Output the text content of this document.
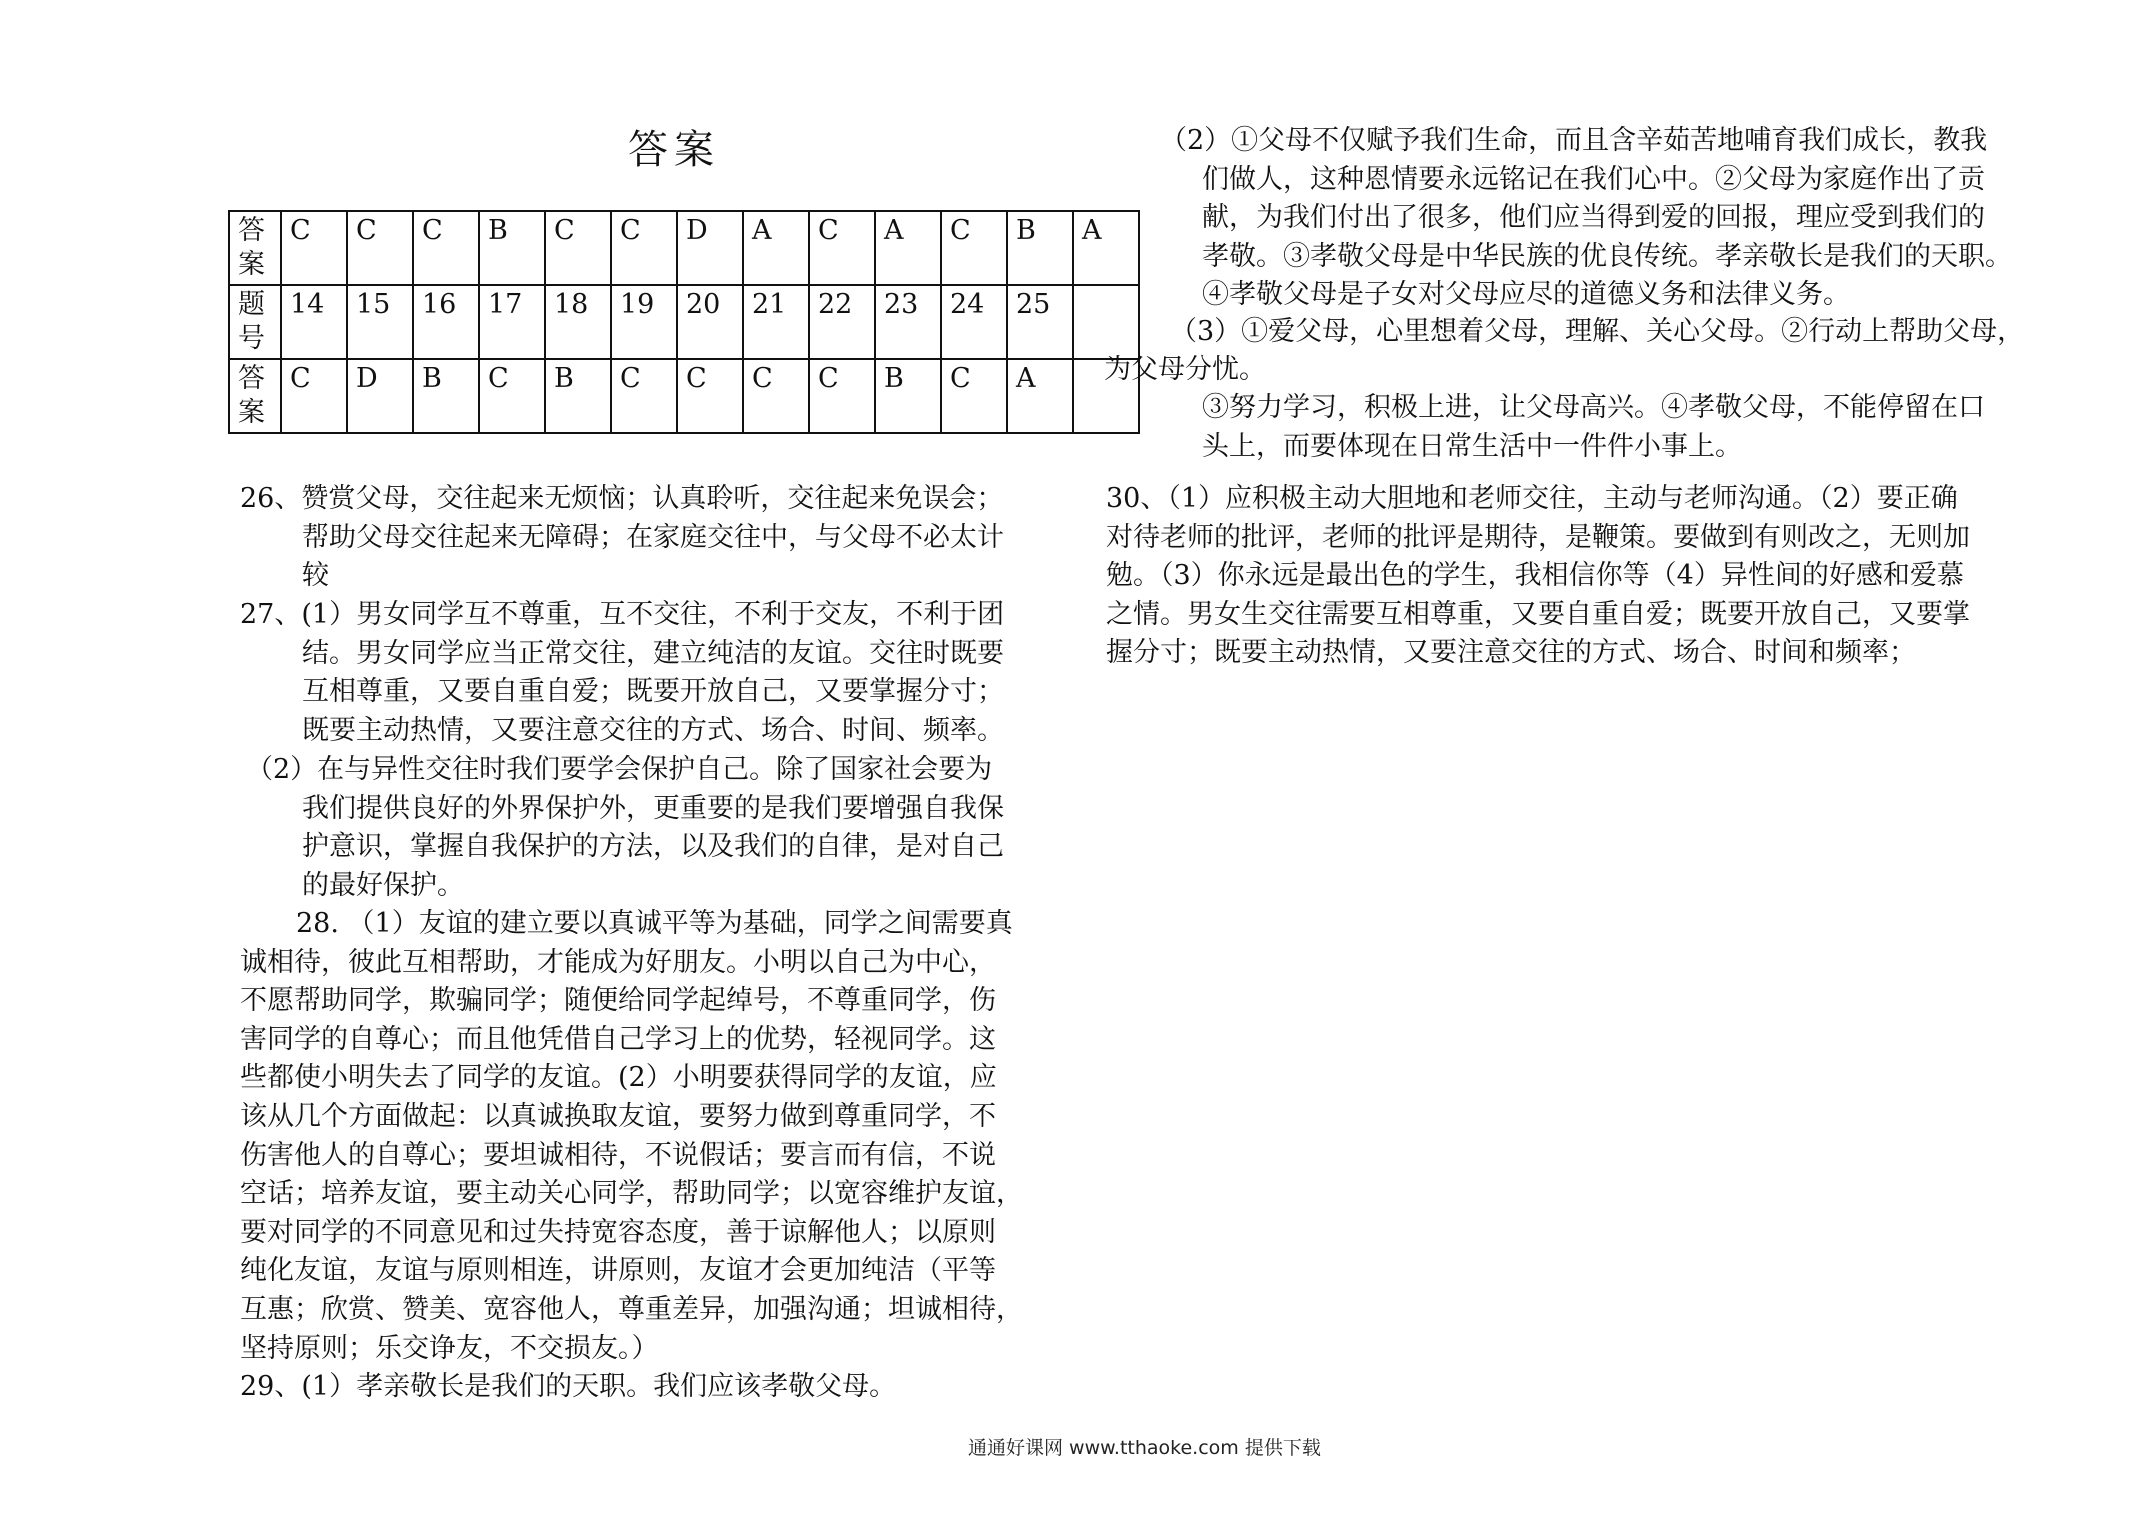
答案
答案	C	C	C	B	C	C	D	A	C	A	C	B	A
题号	14	15	16	17	18	19	20	21	22	23	24	25	
答案	C	D	B	C	B	C	C	C	C	B	C	A	
26、赞赏父母，交往起来无烦恼；认真聆听，交往起来免误会；
帮助父母交往起来无障碍；在家庭交往中，与父母不必太计
较
27、(1）男女同学互不尊重，互不交往，不利于交友，不利于团
结。男女同学应当正常交往，建立纯洁的友谊。交往时既要
互相尊重，又要自重自爱；既要开放自己，又要掌握分寸；
既要主动热情，又要注意交往的方式、场合、时间、频率。
（2）在与异性交往时我们要学会保护自己。除了国家社会要为
我们提供良好的外界保护外，更重要的是我们要增强自我保
护意识，掌握自我保护的方法，以及我们的自律，是对自己
的最好保护。
28. （1）友谊的建立要以真诚平等为基础，同学之间需要真
诚相待，彼此互相帮助，才能成为好朋友。小明以自己为中心，
不愿帮助同学，欺骗同学；随便给同学起绰号，不尊重同学，伤
害同学的自尊心；而且他凭借自己学习上的优势，轻视同学。这
些都使小明失去了同学的友谊。(2）小明要获得同学的友谊，应
该从几个方面做起：以真诚换取友谊，要努力做到尊重同学，不
伤害他人的自尊心；要坦诚相待，不说假话；要言而有信，不说
空话；培养友谊，要主动关心同学，帮助同学；以宽容维护友谊，
要对同学的不同意见和过失持宽容态度，善于谅解他人；以原则
纯化友谊，友谊与原则相连，讲原则，友谊才会更加纯洁（平等
互惠；欣赏、赞美、宽容他人，尊重差异，加强沟通；坦诚相待，
坚持原则；乐交诤友，不交损友。）
29、(1）孝亲敬长是我们的天职。我们应该孝敬父母。
（2）①父母不仅赋予我们生命，而且含辛茹苦地哺育我们成长，教我
们做人，这种恩情要永远铭记在我们心中。②父母为家庭作出了贡
献，为我们付出了很多，他们应当得到爱的回报，理应受到我们的
孝敬。③孝敬父母是中华民族的优良传统。孝亲敬长是我们的天职。
④孝敬父母是子女对父母应尽的道德义务和法律义务。
（3）①爱父母，心里想着父母，理解、关心父母。②行动上帮助父母，
为父母分忧。
③努力学习，积极上进，让父母高兴。④孝敬父母，不能停留在口
头上，而要体现在日常生活中一件件小事上。
30、（1）应积极主动大胆地和老师交往，主动与老师沟通。（2）要正确
对待老师的批评，老师的批评是期待，是鞭策。要做到有则改之，无则加
勉。（3）你永远是最出色的学生，我相信你等（4）异性间的好感和爱慕
之情。男女生交往需要互相尊重，又要自重自爱；既要开放自己，又要掌
握分寸；既要主动热情，又要注意交往的方式、场合、时间和频率；
通通好课网 www.tthaoke.com 提供下载
